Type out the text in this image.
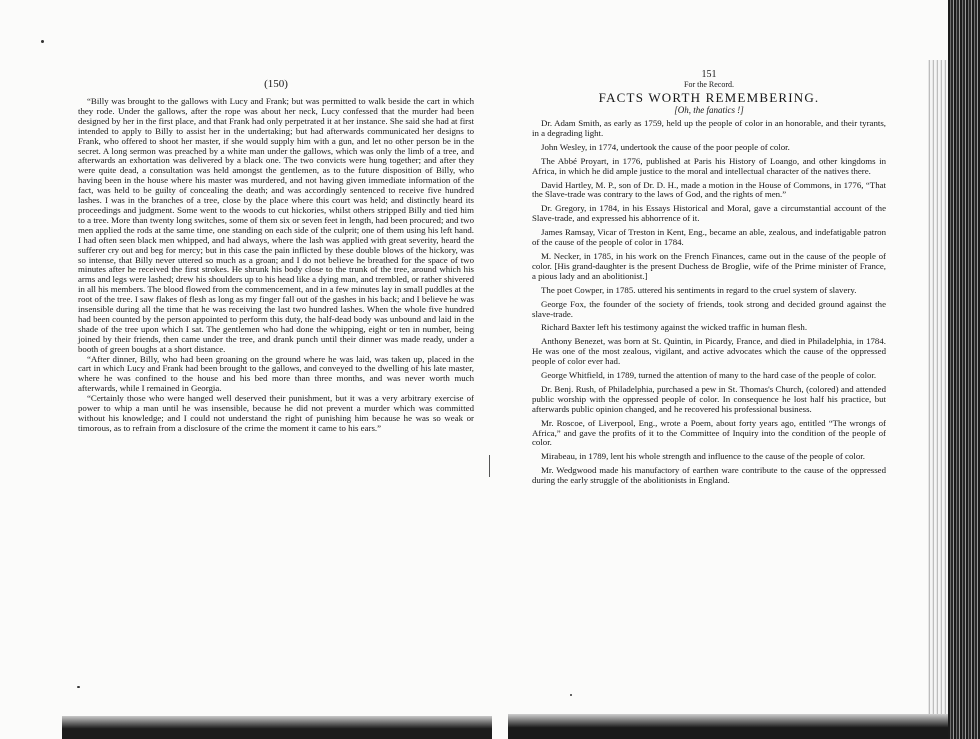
(150)

“Billy was brought to the gallows with Lucy and Frank; but was permitted to walk beside the cart in which they rode. Under the gallows, after the rope was about her neck, Lucy confessed that the murder had been designed by her in the first place, and that Frank had only perpetrated it at her instance. She said she had at first intended to apply to Billy to assist her in the undertaking; but had afterwards communicated her designs to Frank, who offered to shoot her master, if she would supply him with a gun, and let no other person be in the secret. A long sermon was preached by a white man under the gallows, which was only the limb of a tree, and afterwards an exhortation was delivered by a black one. The two convicts were hung together; and after they were quite dead, a consultation was held amongst the gentlemen, as to the future disposition of Billy, who having been in the house where his master was murdered, and not having given immediate information of the fact, was held to be guilty of concealing the death; and was accordingly sentenced to receive five hundred lashes. I was in the branches of a tree, close by the place where this court was held; and distinctly heard its proceedings and judgment. Some went to the woods to cut hickories, whilst others stripped Billy and tied him to a tree. More than twenty long switches, some of them six or seven feet in length, had been procured; and two men applied the rods at the same time, one standing on each side of the culprit; one of them using his left hand. I had often seen black men whipped, and had always, where the lash was applied with great severity, heard the sufferer cry out and beg for mercy; but in this case the pain inflicted by these double blows of the hickory, was so intense, that Billy never uttered so much as a groan; and I do not believe he breathed for the space of two minutes after he received the first strokes. He shrunk his body close to the trunk of the tree, around which his arms and legs were lashed; drew his shoulders up to his head like a dying man, and trembled, or rather shivered in all his members. The blood flowed from the commencement, and in a few minutes lay in small puddles at the root of the tree. I saw flakes of flesh as long as my finger fall out of the gashes in his back; and I believe he was insensible during all the time that he was receiving the last two hundred lashes. When the whole five hundred had been counted by the person appointed to perform this duty, the half-dead body was unbound and laid in the shade of the tree upon which I sat. The gentlemen who had done the whipping, eight or ten in number, being joined by their friends, then came under the tree, and drank punch until their dinner was made ready, under a booth of green boughs at a short distance.

“After dinner, Billy, who had been groaning on the ground where he was laid, was taken up, placed in the cart in which Lucy and Frank had been brought to the gallows, and conveyed to the dwelling of his late master, where he was confined to the house and his bed more than three months, and was never worth much afterwards, while I remained in Georgia.

“Certainly those who were hanged well deserved their punishment, but it was a very arbitrary exercise of power to whip a man until he was insensible, because he did not prevent a murder which was committed without his knowledge; and I could not understand the right of punishing him because he was so weak or timorous, as to refrain from a disclosure of the crime the moment it came to his ears.”

151
For the Record.
FACTS WORTH REMEMBERING.
[Oh, the fanatics !]

Dr. Adam Smith, as early as 1759, held up the people of color in an honorable, and their tyrants, in a degrading light.

John Wesley, in 1774, undertook the cause of the poor people of color.

The Abbé Proyart, in 1776, published at Paris his History of Loango, and other kingdoms in Africa, in which he did ample justice to the moral and intellectual character of the natives there.

David Hartley, M. P., son of Dr. D. H., made a motion in the House of Commons, in 1776, “That the Slave-trade was contrary to the laws of God, and the rights of men.”

Dr. Gregory, in 1784, in his Essays Historical and Moral, gave a circumstantial account of the Slave-trade, and expressed his abhorrence of it.

James Ramsay, Vicar of Treston in Kent, Eng., became an able, zealous, and indefatigable patron of the cause of the people of color in 1784.

M. Necker, in 1785, in his work on the French Finances, came out in the cause of the people of color. [His grand-daughter is the present Duchess de Broglie, wife of the Prime minister of France, a pious lady and an abolitionist.]

The poet Cowper, in 1785. uttered his sentiments in regard to the cruel system of slavery.

George Fox, the founder of the society of friends, took strong and decided ground against the slave-trade.

Richard Baxter left his testimony against the wicked traffic in human flesh.

Anthony Benezet, was born at St. Quintin, in Picardy, France, and died in Philadelphia, in 1784. He was one of the most zealous, vigilant, and active advocates which the cause of the oppressed people of color ever had.

George Whitfield, in 1789, turned the attention of many to the hard case of the people of color.

Dr. Benj. Rush, of Philadelphia, purchased a pew in St. Thomas's Church, (colored) and attended public worship with the oppressed people of color. In consequence he lost half his practice, but afterwards public opinion changed, and he recovered his professional business.

Mr. Roscoe, of Liverpool, Eng., wrote a Poem, about forty years ago, entitled “The wrongs of Africa,” and gave the profits of it to the Committee of Inquiry into the condition of the people of color.

Mirabeau, in 1789, lent his whole strength and influence to the cause of the people of color.

Mr. Wedgwood made his manufactory of earthen ware contribute to the cause of the oppressed during the early struggle of the abolitionists in England.
